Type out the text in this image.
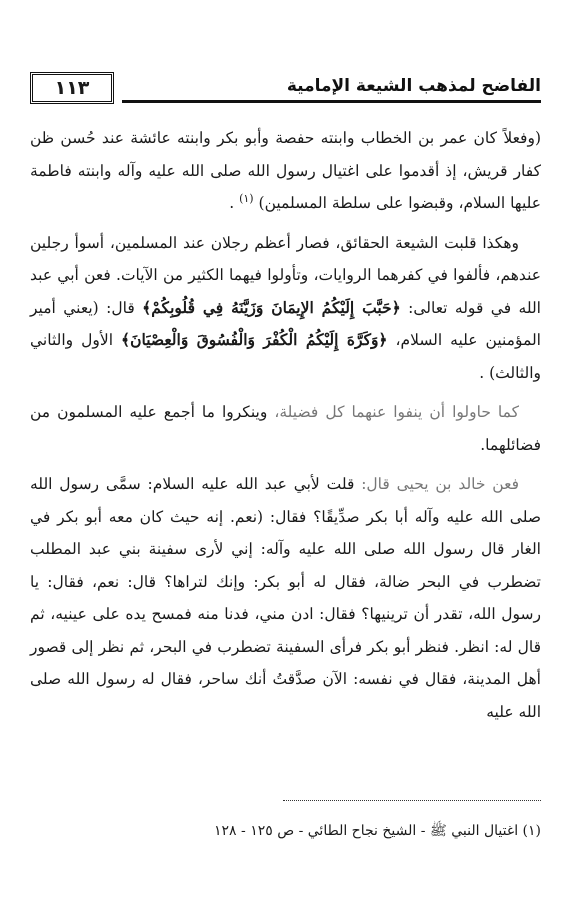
الفاضح لمذهب الشيعة الإمامية
١١٣

(وفعلاً كان عمر بن الخطاب وابنته حفصة وأبو بكر وابنته عائشة عند حُسن ظن كفار قريش، إذ أقدموا على اغتيال رسول الله صلى الله عليه وآله وابنته فاطمة عليها السلام، وقبضوا على سلطة المسلمين) $^{(١)}$ .

وهكذا قلبت الشيعة الحقائق، فصار أعظم رجلان عند المسلمين، أسوأ رجلين عندهم، فألفوا في كفرهما الروايات، وتأولوا فيهما الكثير من الآيات. فعن أبي عبد الله في قوله تعالى: ﴿حَبَّبَ إِلَيْكُمُ الإِيمَانَ وَزَيَّنَهُ فِي قُلُوبِكُمْ﴾ قال: (يعني أمير المؤمنين عليه السلام، ﴿وَكَرَّهَ إِلَيْكُمُ الْكُفْرَ وَالْفُسُوقَ وَالْعِصْيَانَ﴾ الأول والثاني والثالث) .

كما حاولوا أن ينفوا عنهما كل فضيلة، وينكروا ما أجمع عليه المسلمون من فضائلهما.

فعن خالد بن يحيى قال: قلت لأبي عبد الله عليه السلام: سمَّى رسول الله صلى الله عليه وآله أبا بكر صدِّيقًا؟ فقال: (نعم. إنه حيث كان معه أبو بكر في الغار قال رسول الله صلى الله عليه وآله: إني لأرى سفينة بني عبد المطلب تضطرب في البحر ضالة، فقال له أبو بكر: وإنك لتراها؟ قال: نعم، فقال: يا رسول الله، تقدر أن ترينيها؟ فقال: ادن مني، فدنا منه فمسح يده على عينيه، ثم قال له: انظر. فنظر أبو بكر فرأى السفينة تضطرب في البحر، ثم نظر إلى قصور أهل المدينة، فقال في نفسه: الآن صدَّقتُ أنك ساحر، فقال له رسول الله صلى الله عليه

(١) اغتيال النبي ﷺ - الشيخ نجاح الطائي - ص ١٢٥ - ١٢٨
